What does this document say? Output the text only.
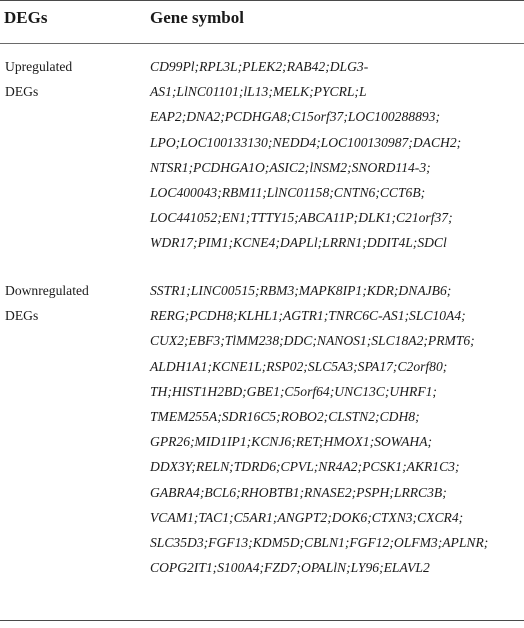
DEGs	Gene symbol
Upregulated
DEGs
CD99Pl;RPL3L;PLEK2;RAB42;DLG3-
AS1;LlNC01101;lL13;MELK;PYCRL;L
EAP2;DNA2;PCDHGA8;C15orf37;LOC100288893;
LPO;LOC100133130;NEDD4;LOC100130987;DACH2;
NTSR1;PCDHGA1O;ASIC2;lNSM2;SNORD114-3;
LOC400043;RBM11;LlNC01158;CNTN6;CCT6B;
LOC441052;EN1;TTTY15;ABCA11P;DLK1;C21orf37;
WDR17;PIM1;KCNE4;DAPLl;LRRN1;DDIT4L;SDCl
Downregulated
DEGs
SSTR1;LINC00515;RBM3;MAPK8IP1;KDR;DNAJB6;
RERG;PCDH8;KLHL1;AGTR1;TNRC6C-AS1;SLC10A4;
CUX2;EBF3;TlMM238;DDC;NANOS1;SLC18A2;PRMT6;
ALDH1A1;KCNE1L;RSP02;SLC5A3;SPA17;C2orf80;
TH;HIST1H2BD;GBE1;C5orf64;UNC13C;UHRF1;
TMEM255A;SDR16C5;ROBO2;CLSTN2;CDH8;
GPR26;MID1IP1;KCNJ6;RET;HMOX1;SOWAHA;
DDX3Y;RELN;TDRD6;CPVL;NR4A2;PCSK1;AKR1C3;
GABRA4;BCL6;RHOBTB1;RNASE2;PSPH;LRRC3B;
VCAM1;TAC1;C5AR1;ANGPT2;DOK6;CTXN3;CXCR4;
SLC35D3;FGF13;KDM5D;CBLN1;FGF12;OLFM3;APLNR;
COPG2IT1;S100A4;FZD7;OPALlN;LY96;ELAVL2
